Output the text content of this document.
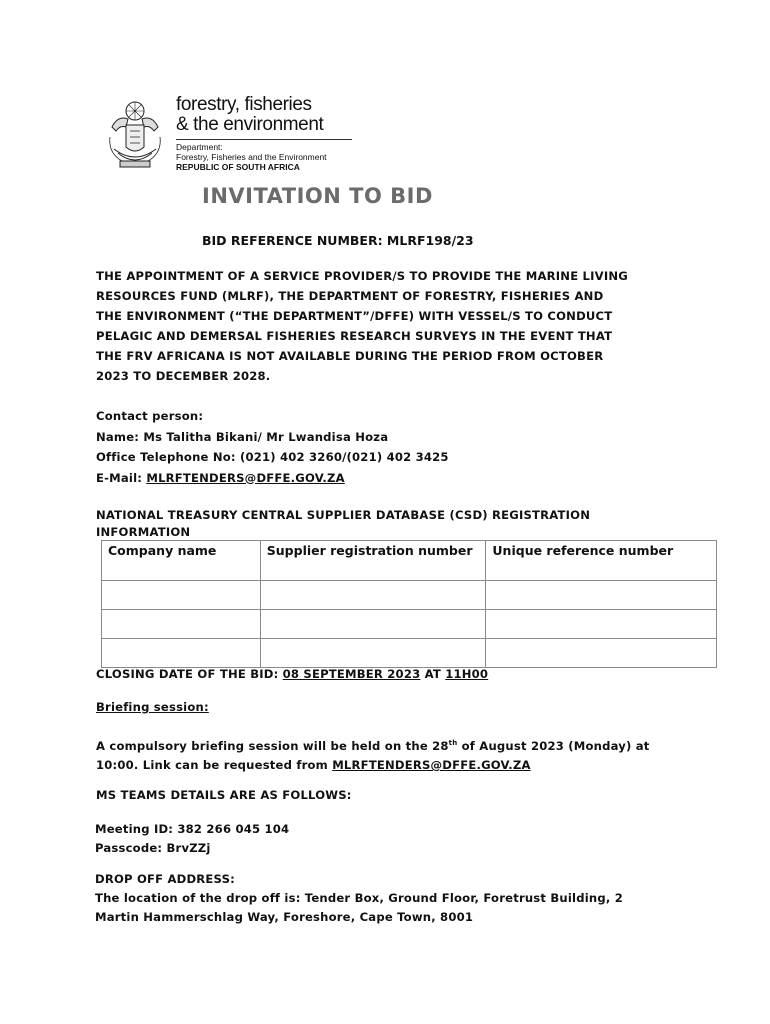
forestry, fisheries
& the environment
Department:
Forestry, Fisheries and the Environment
REPUBLIC OF SOUTH AFRICA
INVITATION TO BID
BID REFERENCE NUMBER: MLRF198/23
THE APPOINTMENT OF A SERVICE PROVIDER/S TO PROVIDE THE MARINE LIVING
RESOURCES FUND (MLRF), THE DEPARTMENT OF FORESTRY, FISHERIES AND
THE ENVIRONMENT (“THE DEPARTMENT”/DFFE) WITH VESSEL/S TO CONDUCT
PELAGIC AND DEMERSAL FISHERIES RESEARCH SURVEYS IN THE EVENT THAT
THE FRV AFRICANA IS NOT AVAILABLE DURING THE PERIOD FROM OCTOBER
2023 TO DECEMBER 2028.
Contact person:
Name: Ms Talitha Bikani/ Mr Lwandisa Hoza
Office Telephone No: (021) 402 3260/(021) 402 3425
E-Mail: MLRFTENDERS@DFFE.GOV.ZA
NATIONAL TREASURY CENTRAL SUPPLIER DATABASE (CSD) REGISTRATION
INFORMATION
Company name	Supplier registration number	Unique reference number

CLOSING DATE OF THE BID: 08 SEPTEMBER 2023 AT 11H00
Briefing session:
A compulsory briefing session will be held on the 28th of August 2023 (Monday) at
10:00. Link can be requested from MLRFTENDERS@DFFE.GOV.ZA
MS TEAMS DETAILS ARE AS FOLLOWS:
Meeting ID: 382 266 045 104
Passcode: BrvZZj
DROP OFF ADDRESS:
The location of the drop off is: Tender Box, Ground Floor, Foretrust Building, 2
Martin Hammerschlag Way, Foreshore, Cape Town, 8001
